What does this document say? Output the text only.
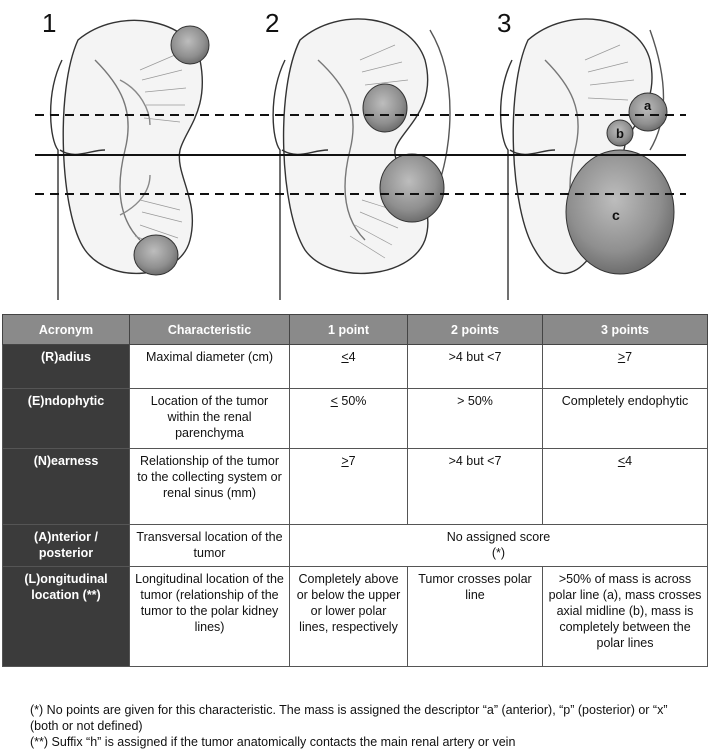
1	2	3
a
b
c
Acronym	Characteristic	1 point	2 points	3 points
(R)adius	Maximal diameter (cm)	≤4	>4 but <7	≥7
(E)ndophytic	Location of the tumor within the renal parenchyma	≤ 50%	> 50%	Completely endophytic
(N)earness	Relationship of the tumor to the collecting system or renal sinus (mm)	≥7	>4 but <7	≤4
(A)nterior / posterior	Transversal location of the tumor	No assigned score
(*)		

(L)ongitudinal location (**)	Longitudinal location of the tumor (relationship of the tumor to the polar kidney lines)	Completely above or below the upper or lower polar lines, respectively	Tumor crosses polar line	>50% of mass is across polar line (a), mass crosses axial midline (b), mass is completely between the polar lines
(*) No points are given for this characteristic. The mass is assigned the descriptor “a” (anterior), “p” (posterior) or “x” (both or not defined)
(**) Suffix “h” is assigned if the tumor anatomically contacts the main renal artery or vein
